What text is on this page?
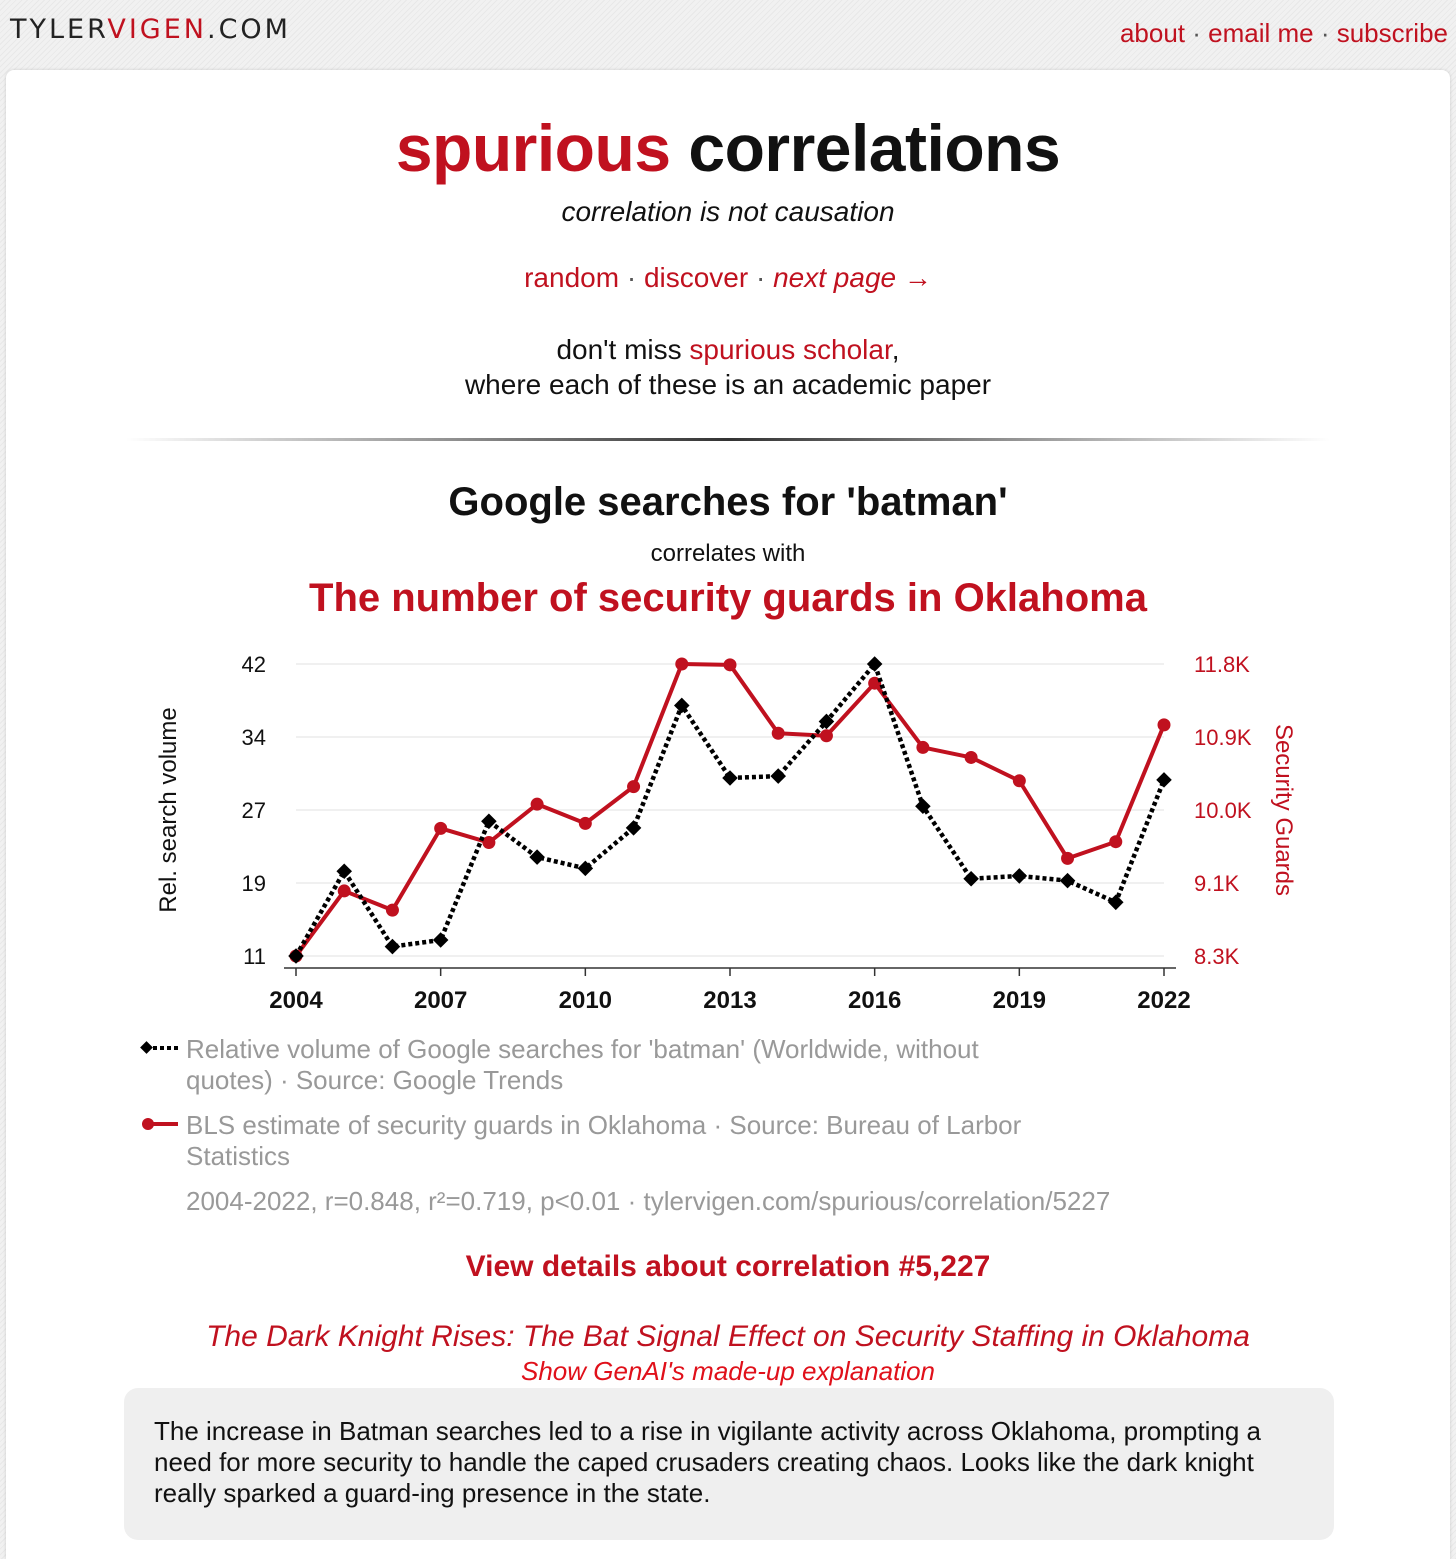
TYLERVIGEN.COM	about · email me · subscribe
spurious correlations
correlation is not causation
random · discover · next page →
don't miss spurious scholar,
where each of these is an academic paper
Google searches for 'batman'
correlates with
The number of security guards in Oklahoma
11	8.3K
19	9.1K
27	10.0K
34	10.9K
42	11.8K
2004	2007	2010	2013	2016	2019	2022
Rel. search volume	Security Guards
Relative volume of Google searches for 'batman' (Worldwide, without quotes) · Source: Google Trends
BLS estimate of security guards in Oklahoma · Source: Bureau of Larbor Statistics
2004-2022, r=0.848, r²=0.719, p<0.01 · tylervigen.com/spurious/correlation/5227
View details about correlation #5,227
The Dark Knight Rises: The Bat Signal Effect on Security Staffing in Oklahoma
Show GenAI's made-up explanation

The increase in Batman searches led to a rise in vigilante activity across Oklahoma, prompting a need for more security to handle the caped crusaders creating chaos. Looks like the dark knight really sparked a guard-ing presence in the state.
